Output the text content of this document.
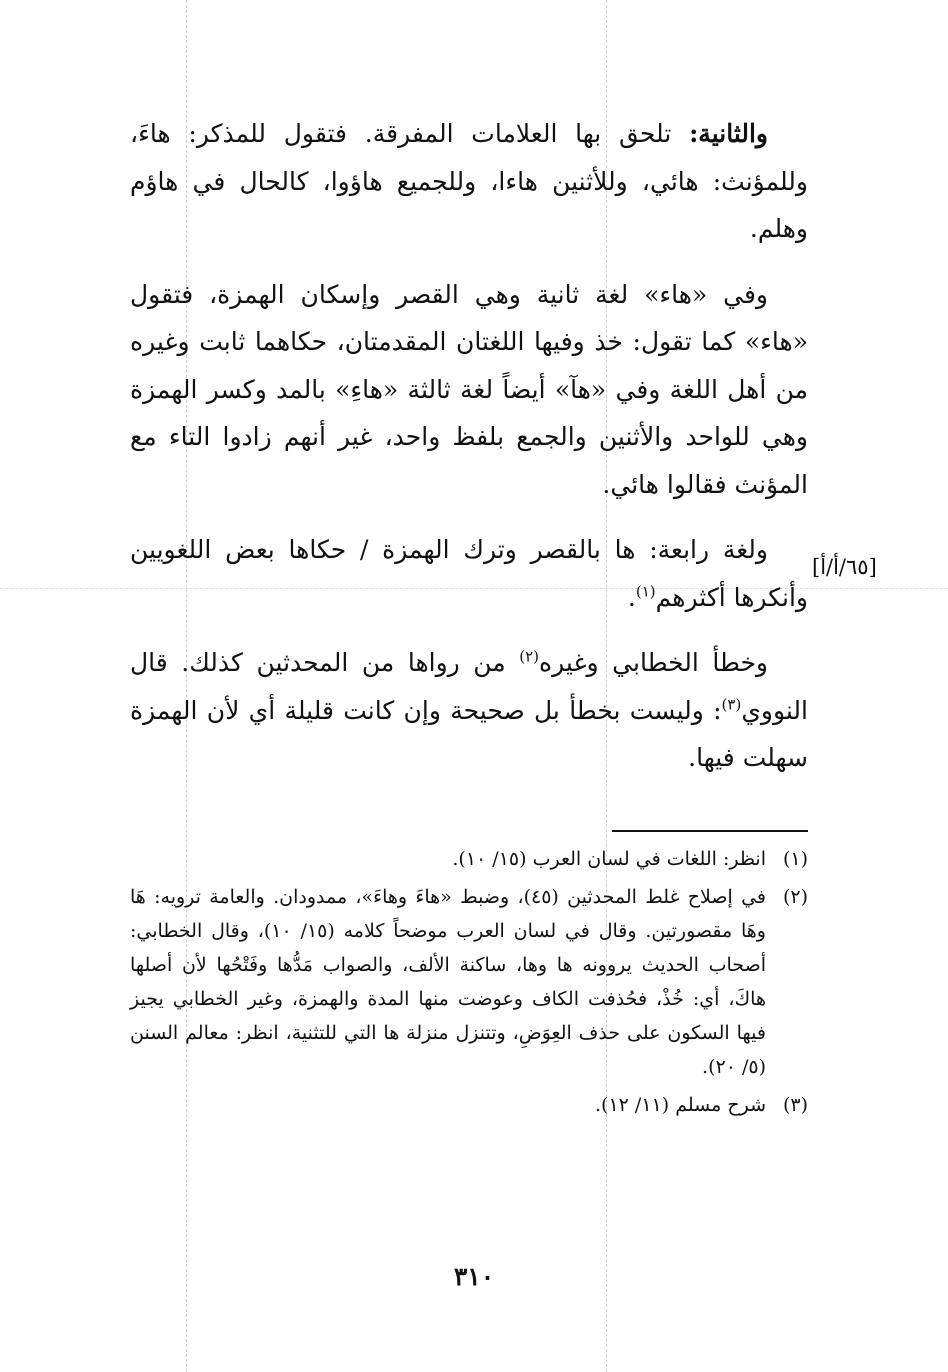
والثانية: تلحق بها العلامات المفرقة. فتقول للمذكر: هاءَ، وللمؤنث: هائي، وللأثنين هاءا، وللجميع هاؤوا، كالحال في هاؤم وهلم.

وفي «هاء» لغة ثانية وهي القصر وإسكان الهمزة، فتقول «هاء» كما تقول: خذ وفيها اللغتان المقدمتان، حكاهما ثابت وغيره من أهل اللغة وفي «هآ» أيضاً لغة ثالثة «هاءِ» بالمد وكسر الهمزة وهي للواحد والأثنين والجمع بلفظ واحد، غير أنهم زادوا التاء مع المؤنث فقالوا هائي.

ولغة رابعة: ها بالقصر وترك الهمزة / حكاها بعض اللغويين وأنكرها أكثرهم$^{(١)}$.

وخطأ الخطابي وغيره$^{(٢)}$ من رواها من المحدثين كذلك. قال النووي$^{(٣)}$: وليست بخطأ بل صحيحة وإن كانت قليلة أي لأن الهمزة سهلت فيها.

[٦٥/أ/أ]
(١)
انظر: اللغات في لسان العرب (١٥/ ١٠).
(٢)
في إصلاح غلط المحدثين (٤٥)، وضبط «هاءَ وهاءَ»، ممدودان. والعامة ترويه: هَا وهَا مقصورتين. وقال في لسان العرب موضحاً كلامه (١٥/ ١٠)، وقال الخطابي: أصحاب الحديث يروونه ها وها، ساكنة الألف، والصواب مَدُّها وفَتْحُها لأن أصلها هاكَ، أي: خُذْ، فحُذفت الكاف وعوضت منها المدة والهمزة، وغير الخطابي يجيز فيها السكون على حذف العِوَضِ، وتتنزل منزلة ها التي للتثنية، انظر: معالم السنن (٥/ ٢٠).
(٣)
شرح مسلم (١١/ ١٢).
٣١٠
